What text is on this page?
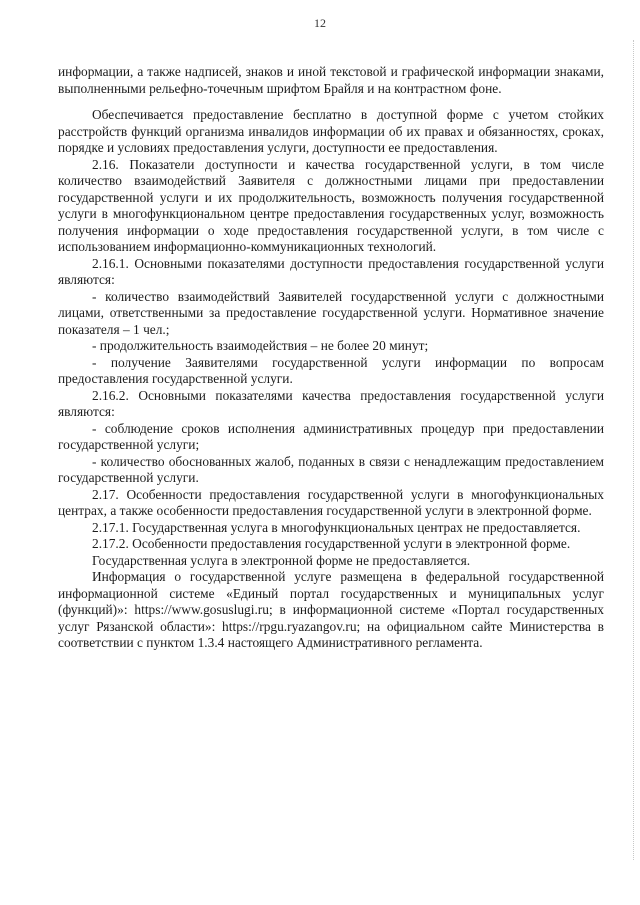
12

информации, а также надписей, знаков и иной текстовой и графической информации знаками, выполненными рельефно-точечным шрифтом Брайля и на контрастном фоне.

Обеспечивается предоставление бесплатно в доступной форме с учетом стойких расстройств функций организма инвалидов информации об их правах и обязанностях, сроках, порядке и условиях предоставления услуги, доступности ее предоставления.

2.16. Показатели доступности и качества государственной услуги, в том числе количество взаимодействий Заявителя с должностными лицами при предоставлении государственной услуги и их продолжительность, возможность получения государственной услуги в многофункциональном центре предоставления государственных услуг, возможность получения информации о ходе предоставления государственной услуги, в том числе с использованием информационно-коммуникационных технологий.

2.16.1. Основными показателями доступности предоставления государственной услуги являются:

- количество взаимодействий Заявителей государственной услуги с должностными лицами, ответственными за предоставление государственной услуги. Нормативное значение показателя – 1 чел.;

- продолжительность взаимодействия – не более 20 минут;

- получение Заявителями государственной услуги информации по вопросам предоставления государственной услуги.

2.16.2. Основными показателями качества предоставления государственной услуги являются:

- соблюдение сроков исполнения административных процедур при предоставлении государственной услуги;

- количество обоснованных жалоб, поданных в связи с ненадлежащим предоставлением государственной услуги.

2.17. Особенности предоставления государственной услуги в многофункциональных центрах, а также особенности предоставления государственной услуги в электронной форме.

2.17.1. Государственная услуга в многофункциональных центрах не предоставляется.

2.17.2. Особенности предоставления государственной услуги в электронной форме.

Государственная услуга в электронной форме не предоставляется.

Информация о государственной услуге размещена в федеральной государственной информационной системе «Единый портал государственных и муниципальных услуг (функций)»: https://www.gosuslugi.ru; в информационной системе «Портал государственных услуг Рязанской области»: https://rpgu.ryazangov.ru; на официальном сайте Министерства в соответствии с пунктом 1.3.4 настоящего Административного регламента.
